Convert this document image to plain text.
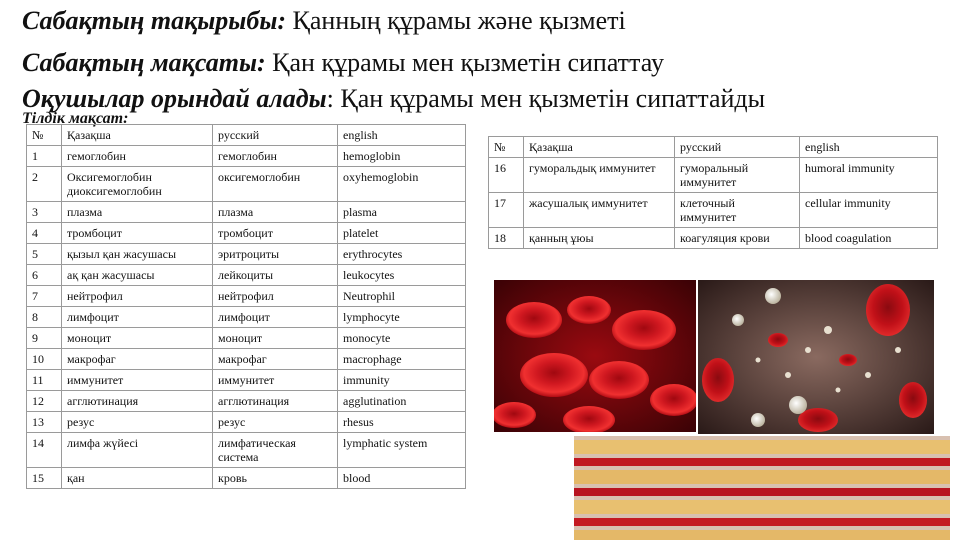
Сабақтың тақырыбы: Қанның құрамы және қызметі
Сабақтың мақсаты: Қан құрамы мен қызметін сипаттау
Оқушылар орындай алады: Қан құрамы мен қызметін сипаттайды
Тілдік мақсат:
№	Қазақша	русский	english
1	гемоглобин	гемоглобин	hemoglobin
2	Оксигемоглобин диоксигемоглобин	оксигемоглобин	oxyhemoglobin
3	плазма	плазма	plasma
4	тромбоцит	тромбоцит	platelet
5	қызыл қан жасушасы	эритроциты	erythrocytes
6	ақ қан жасушасы	лейкоциты	leukocytes
7	нейтрофил	нейтрофил	Neutrophil
8	лимфоцит	лимфоцит	lymphocyte
9	моноцит	моноцит	monocyte
10	макрофаг	макрофаг	macrophage
11	иммунитет	иммунитет	immunity
12	агглютинация	агглютинация	agglutination
13	резус	резус	rhesus
14	лимфа жүйесі	лимфатическая система	lymphatic system
15	қан	кровь	blood
№	Қазақша	русский	english
16	гуморальдық иммунитет	гуморальный иммунитет	humoral immunity
17	жасушалық иммунитет	клеточный иммунитет	cellular immunity
18	қанның ұюы	коагуляция крови	blood coagulation
